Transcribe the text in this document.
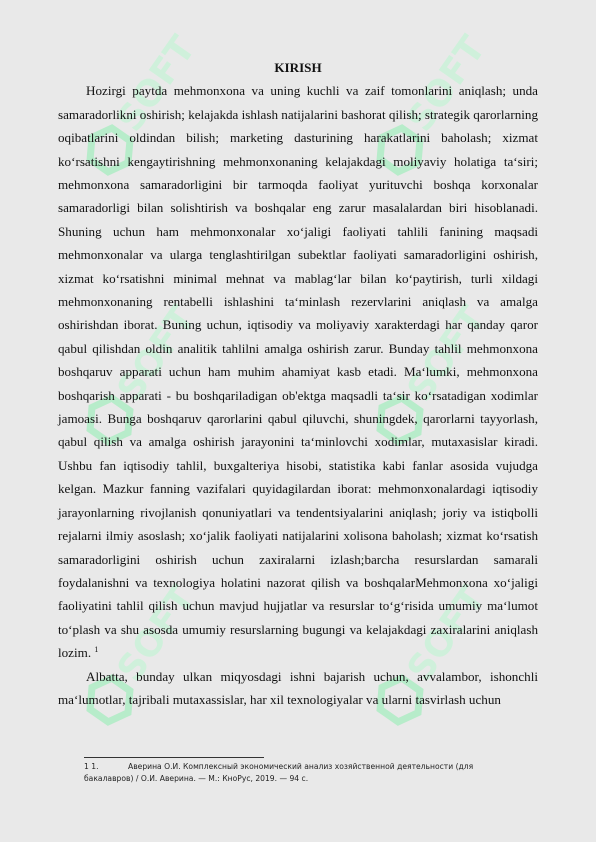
SOFT	SOFT
SOFT	SOFT
SOFT	SOFT

KIRISH

Hozirgi paytda mehmonxona va uning kuchli va zaif tomonlarini aniqlash; unda samaradorlikni oshirish; kelajakda ishlash natijalarini bashorat qilish; strategik qarorlarning oqibatlarini oldindan bilish; marketing dasturining harakatlarini baholash; xizmat ko‘rsatishni kengaytirishning mehmonxonaning kelajakdagi moliyaviy holatiga ta‘siri; mehmonxona samaradorligini bir tarmoqda faoliyat yurituvchi boshqa korxonalar samaradorligi bilan solishtirish va boshqalar eng zarur masalalardan biri hisoblanadi. Shuning uchun ham mehmonxonalar xo‘jaligi faoliyati tahlili fanining maqsadi mehmonxonalar va ularga tenglashtirilgan subektlar faoliyati samaradorligini oshirish, xizmat ko‘rsatishni minimal mehnat va mablag‘lar bilan ko‘paytirish, turli xildagi mehmonxonaning rentabelli ishlashini ta‘minlash rezervlarini aniqlash va amalga oshirishdan iborat. Buning uchun, iqtisodiy va moliyaviy xarakterdagi har qanday qaror qabul qilishdan oldin analitik tahlilni amalga oshirish zarur. Bunday tahlil mehmonxona boshqaruv apparati uchun ham muhim ahamiyat kasb etadi. Ma‘lumki, mehmonxona boshqarish apparati - bu boshqariladigan ob'ektga maqsadli ta‘sir ko‘rsatadigan xodimlar jamoasi. Bunga boshqaruv qarorlarini qabul qiluvchi, shuningdek, qarorlarni tayyorlash, qabul qilish va amalga oshirish jarayonini ta‘minlovchi xodimlar, mutaxasislar kiradi. Ushbu fan iqtisodiy tahlil, buxgalteriya hisobi, statistika kabi fanlar asosida vujudga kelgan. Mazkur fanning vazifalari quyidagilardan iborat: mehmonxonalardagi iqtisodiy jarayonlarning rivojlanish qonuniyatlari va tendentsiyalarini aniqlash; joriy va istiqbolli rejalarni ilmiy asoslash; xo‘jalik faoliyati natijalarini xolisona baholash; xizmat ko‘rsatish samaradorligini oshirish uchun zaxiralarni izlash;barcha resurslardan samarali foydalanishni va texnologiya holatini nazorat qilish va boshqalarMehmonxona xo‘jaligi faoliyatini tahlil qilish uchun mavjud hujjatlar va resurslar to‘g‘risida umumiy ma‘lumot to‘plash va shu asosda umumiy resurslarning bugungi va kelajakdagi zaxiralarini aniqlash lozim. $^1$

Albatta, bunday ulkan miqyosdagi ishni bajarish uchun, avvalambor, ishonchli ma‘lumotlar, tajribali mutaxassislar, har xil texnologiyalar va ularni tasvirlash uchun

1 1.	Аверина О.И. Комплексный экономический анализ хозяйственной деятельности (для бакалавров) / О.И. Аверина. — М.: КноРус, 2019. — 94 с.
